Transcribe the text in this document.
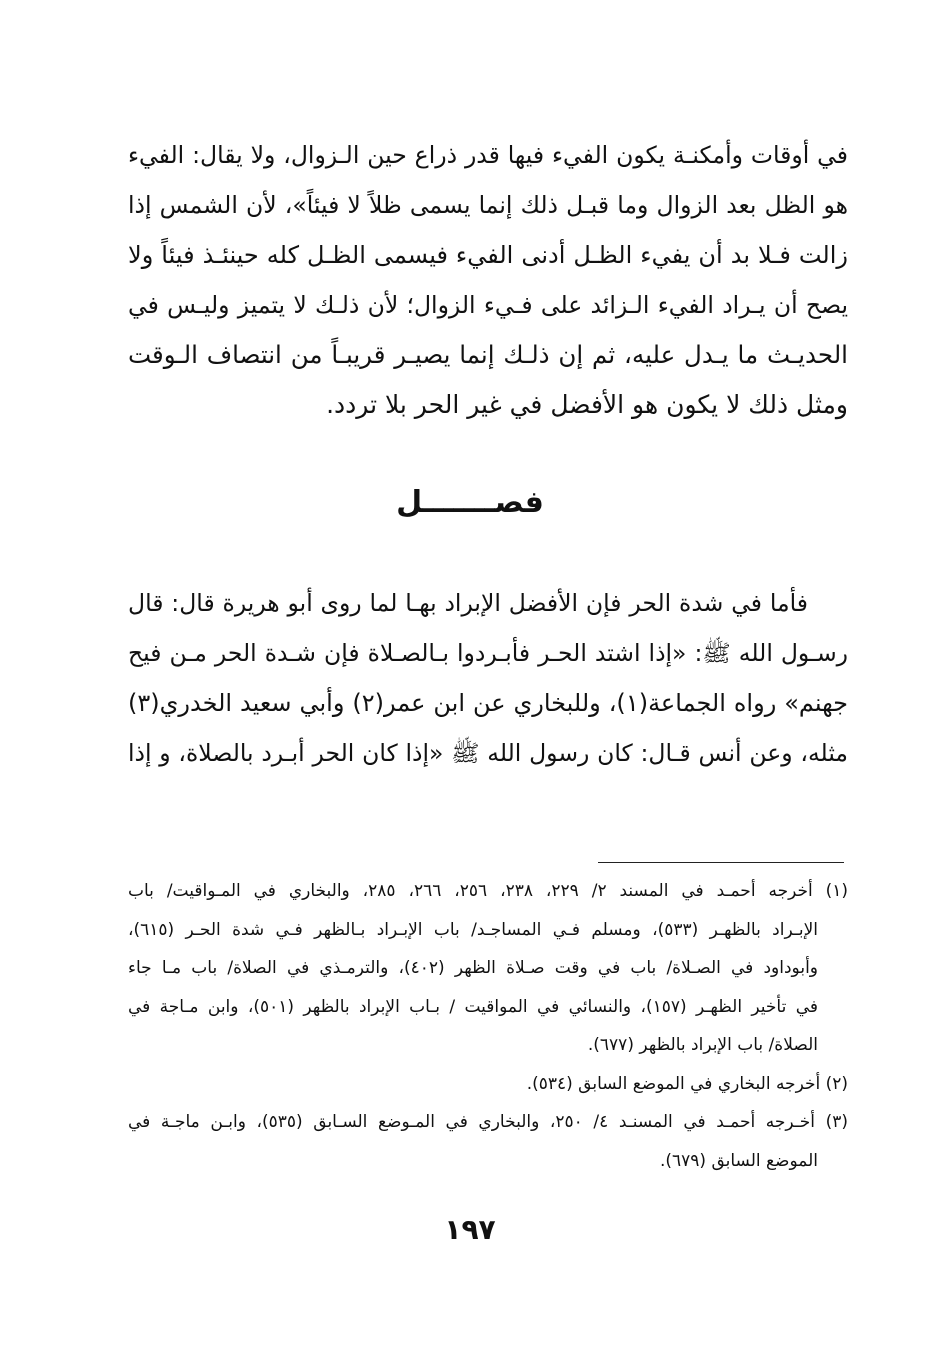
في أوقات وأمكنـة يكون الفيء فيها قدر ذراع حين الـزوال، ولا يقال: الفيء
هو الظل بعد الزوال وما قبـل ذلك إنما يسمى ظلاً لا فيئاً»، لأن الشمس إذا
زالت فـلا بد أن يفيء الظـل أدنى الفيء فيسمى الظـل كله حينئـذ فيئاً ولا
يصح أن يـراد الفيء الـزائد على فـيء الزوال؛ لأن ذلـك لا يتميز وليـس في
الحديـث ما يـدل عليه، ثم إن ذلـك إنما يصيـر قريبـاً من انتصاف الـوقت
ومثل ذلك لا يكون هو الأفضل في غير الحر بلا تردد.
فصـــــــل
فأما في شدة الحر فإن الأفضل الإبراد بهـا لما روى أبو هريرة قال: قال
رسـول الله ﷺ: «إذا اشتد الحـر فأبـردوا بـالصـلاة فإن شـدة الحر مـن فيح
جهنم» رواه الجماعة(١)، وللبخاري عن ابن عمر(٢) وأبي سعيد الخدري(٣)
مثله، وعن أنس قـال: كان رسول الله ﷺ «إذا كان الحر أبـرد بالصلاة، و إذا
(١) أخرجه أحمـد في المسند ٢/ ٢٢٩، ٢٣٨، ٢٥٦، ٢٦٦، ٢٨٥، والبخاري في المـواقيت/ باب
الإبـراد بالظهـر (٥٣٣)، ومسلم فـي المساجـد/ باب الإبـراد بـالظهر فـي شدة الحـر (٦١٥)،
وأبوداود في الصـلاة/ باب في وقت صـلاة الظهر (٤٠٢)، والترمـذي في الصلاة/ باب مـا جاء
في تأخير الظهـر (١٥٧)، والنسائي في المواقيت / بـاب الإبراد بالظهر (٥٠١)، وابن مـاجة في
الصلاة/ باب الإبراد بالظهر (٦٧٧).
(٢) أخرجه البخاري في الموضع السابق (٥٣٤).
(٣) أخـرجه أحمـد في المسنـد ٤/ ٢٥٠، والبخاري في المـوضع السـابق (٥٣٥)، وابـن ماجـة في
الموضع السابق (٦٧٩).
١٩٧
